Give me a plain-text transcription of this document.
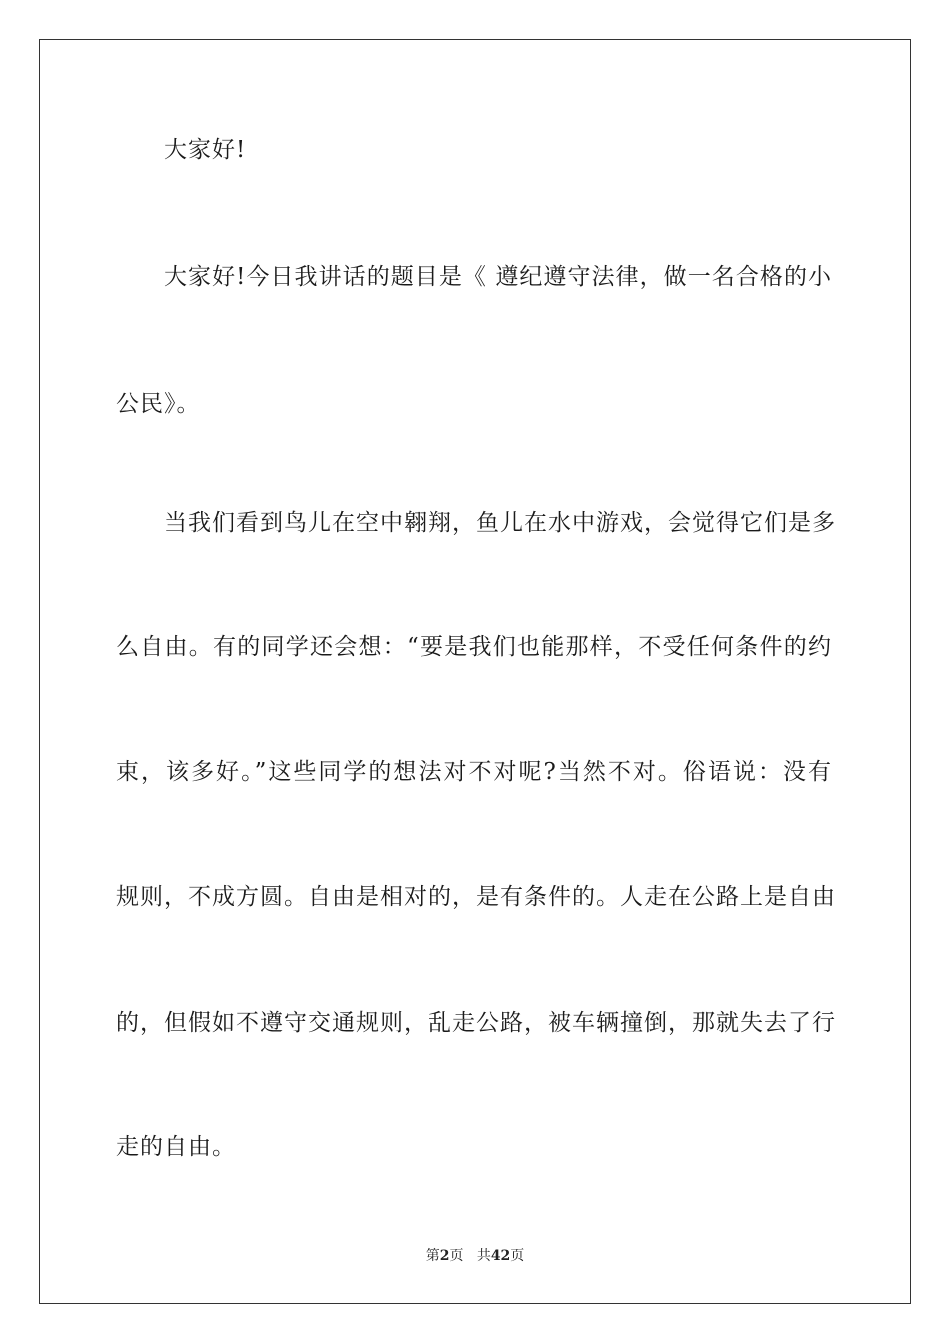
大家好!
大家好!今日我讲话的题目是《 遵纪遵守法律，做一名合格的小
公民》。
当我们看到鸟儿在空中翱翔，鱼儿在水中游戏，会觉得它们是多
么自由。有的同学还会想：“要是我们也能那样，不受任何条件的约
束，该多好。”这些同学的想法对不对呢?当然不对。俗语说：没有
规则，不成方圆。自由是相对的，是有条件的。人走在公路上是自由
的，但假如不遵守交通规则，乱走公路，被车辆撞倒，那就失去了行
走的自由。
第2页 共42页
